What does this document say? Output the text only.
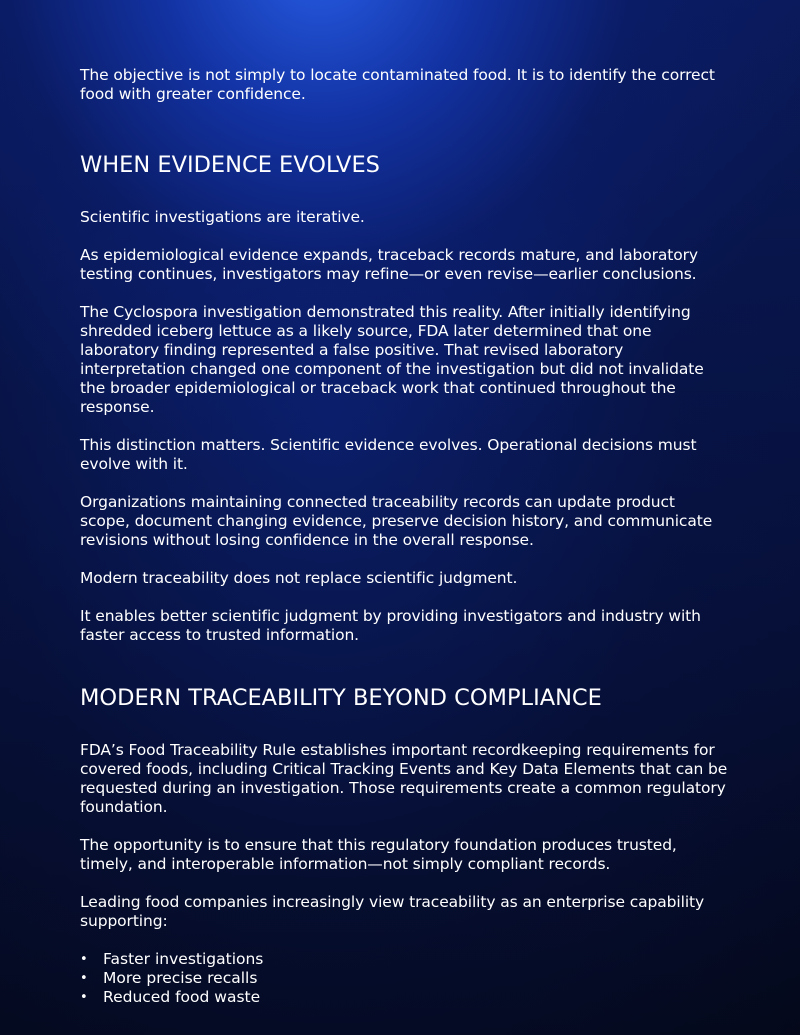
The objective is not simply to locate contaminated food. It is to identify the correct food with greater confidence.

WHEN EVIDENCE EVOLVES

Scientific investigations are iterative.

As epidemiological evidence expands, traceback records mature, and laboratory testing continues, investigators may refine—or even revise—earlier conclusions.

The Cyclospora investigation demonstrated this reality. After initially identifying shredded iceberg lettuce as a likely source, FDA later determined that one laboratory finding represented a false positive. That revised laboratory interpretation changed one component of the investigation but did not invalidate the broader epidemiological or traceback work that continued throughout the response.

This distinction matters. Scientific evidence evolves. Operational decisions must evolve with it.

Organizations maintaining connected traceability records can update product scope, document changing evidence, preserve decision history, and communicate revisions without losing confidence in the overall response.

Modern traceability does not replace scientific judgment.

It enables better scientific judgment by providing investigators and industry with faster access to trusted information.

MODERN TRACEABILITY BEYOND COMPLIANCE

FDA’s Food Traceability Rule establishes important recordkeeping requirements for covered foods, including Critical Tracking Events and Key Data Elements that can be requested during an investigation. Those requirements create a common regulatory foundation.

The opportunity is to ensure that this regulatory foundation produces trusted, timely, and interoperable information—not simply compliant records.

Leading food companies increasingly view traceability as an enterprise capability supporting:

• Faster investigations
• More precise recalls
• Reduced food waste
